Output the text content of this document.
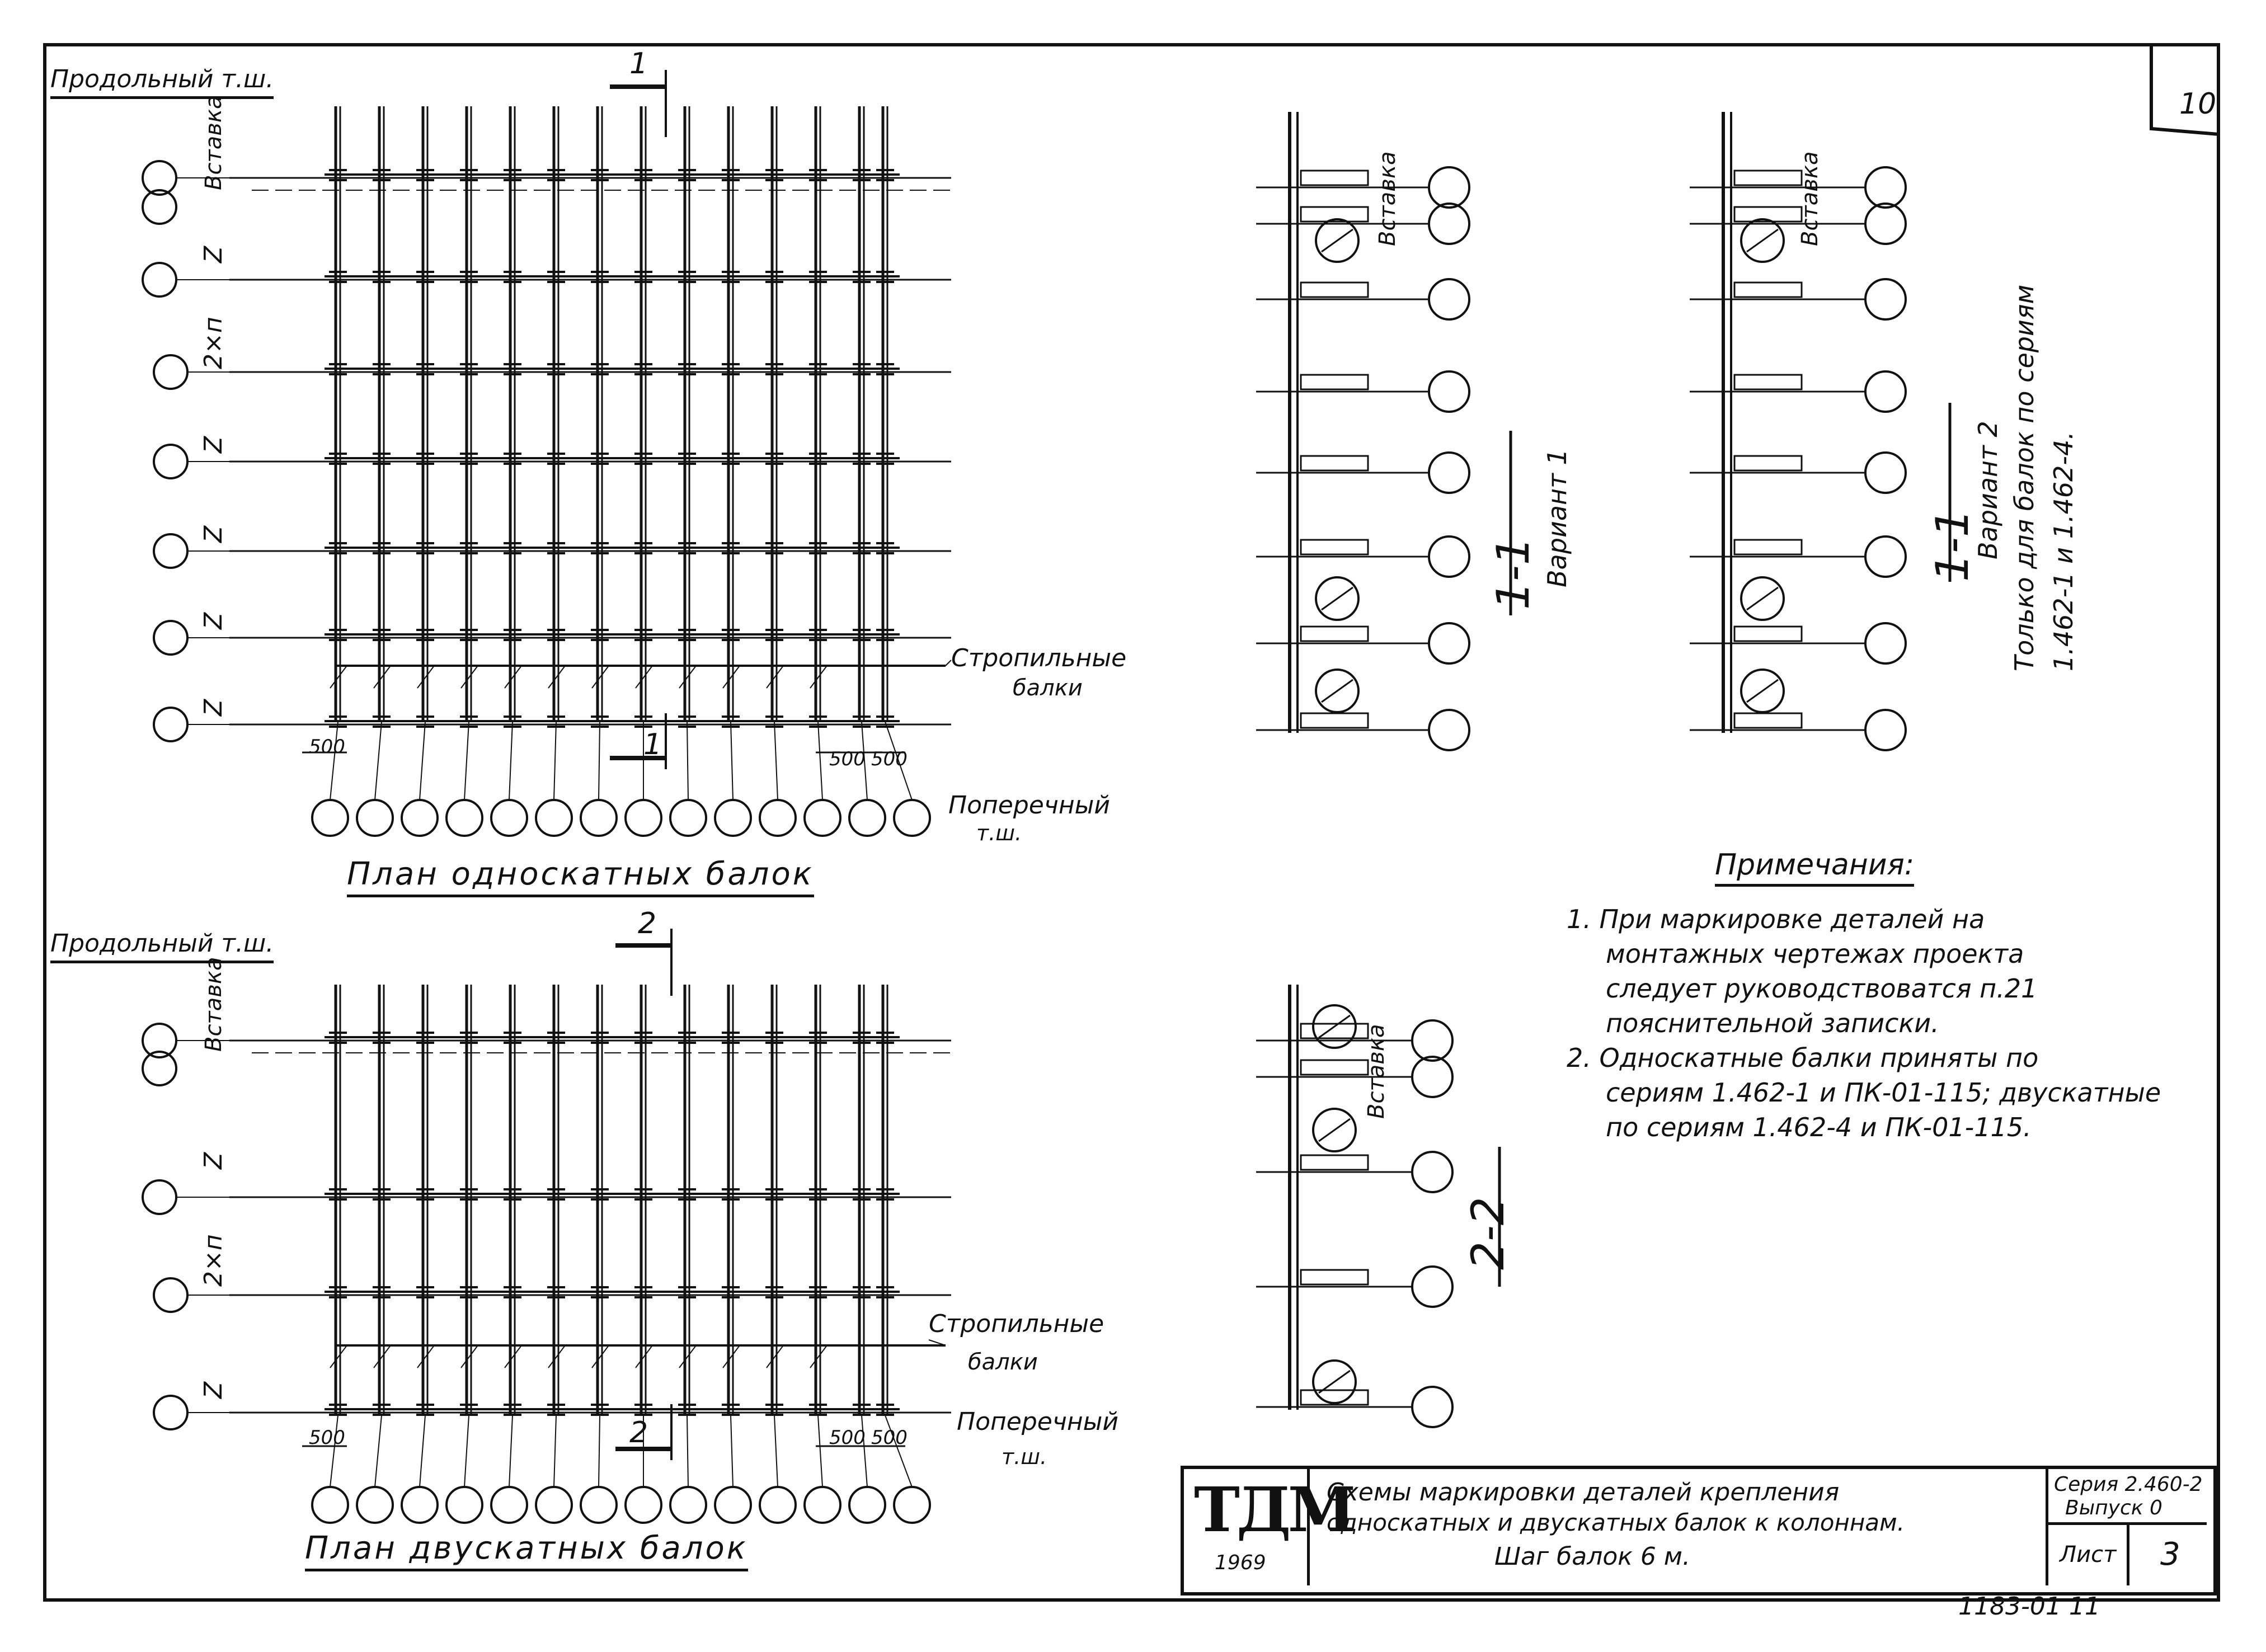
10
Продольный т.ш.
Вставка
1
1
Стропильные
балки
500
500 500
Поперечный
т.ш.
План односкатных балок
Z
2×п
Z
Z
Z
Z
Продольный т.ш.
Вставка
2
2
Стропильные
балки
500	500 500
Поперечный
т.ш.
План двускатных балок
Z
2×п
Z
Вставка	Вставка
Вставка
1-1 Вариант 1	1-1
Вариант 2
2-2
Только для балок по сериям 1.462-1 и 1.462-4.
Примечания:
1. При маркировке деталей на
монтажных чертежах проекта
следует руководствоватся п.21
пояснительной записки.
2. Односкатные балки приняты по
сериям 1.462-1 и ПК-01-115; двускатные
по сериям 1.462-4 и ПК-01-115.
ТДМ
1969
Схемы маркировки деталей крепления
односкатных и двускатных балок к колоннам.
Шаг балок 6 м.
Серия 2.460-2
Выпуск 0
Лист 3
1183-01 11
